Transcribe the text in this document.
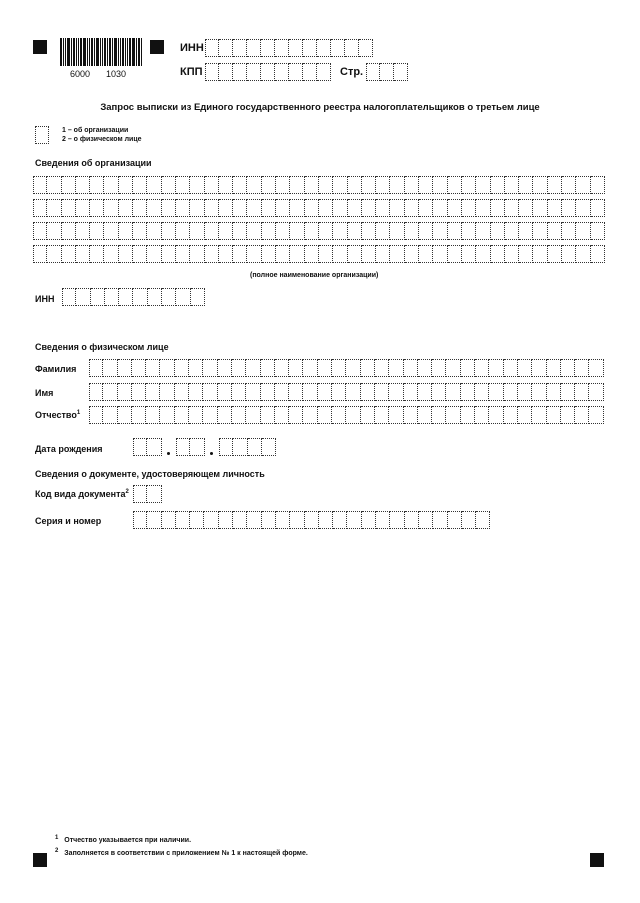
6000 1030
ИНН
КПП	Стр.
Запрос выписки из Единого государственного реестра налогоплательщиков о третьем лице
1 – об организации
2 – о физическом лице
Сведения об организации
(полное наименование организации)
ИНН
Сведения о физическом лице
Фамилия
Имя
Отчество$^1$
Дата рождения
Сведения о документе, удостоверяющем личность
Код вида документа$^2$
Серия и номер
$^1$ Отчество указывается при наличии.
$^2$ Заполняется в соответствии с приложением № 1 к настоящей форме.
